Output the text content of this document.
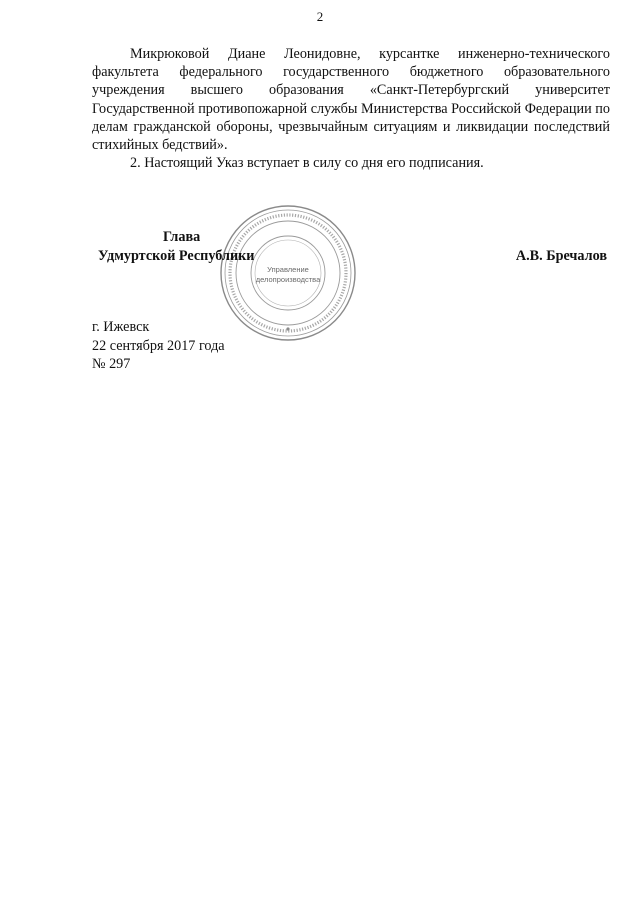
2

Микрюковой Диане Леонидовне, курсантке инженерно-технического факультета федерального государственного бюджетного образовательного учреждения высшего образования «Санкт-Петербургский университет Государственной противопожарной службы Министерства Российской Федерации по делам гражданской обороны, чрезвычайным ситуациям и ликвидации последствий стихийных бедствий».

2. Настоящий Указ вступает в силу со дня его подписания.

Управление
делопроизводства
Глава
Удмуртской Республики	А.В. Бречалов
г. Ижевск
22 сентября 2017 года
№ 297
